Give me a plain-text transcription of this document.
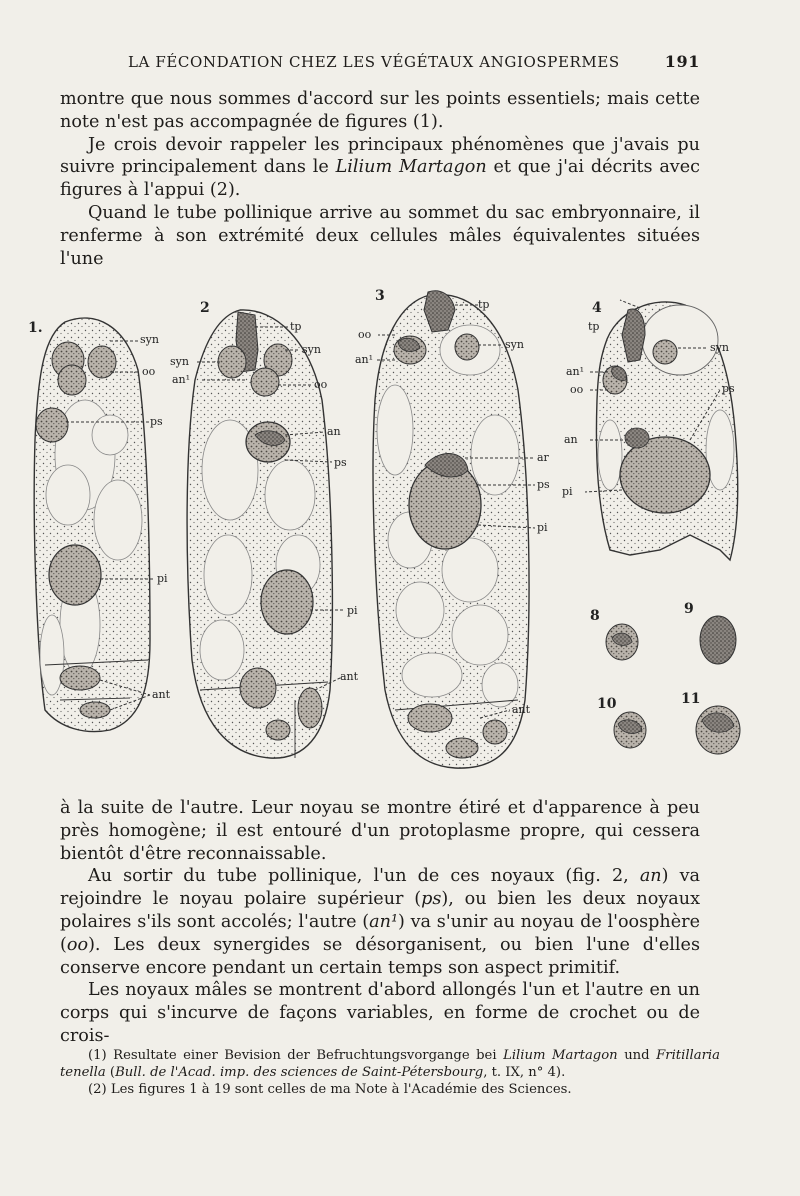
LA FÉCONDATION CHEZ LES VÉGÉTAUX ANGIOSPERMES	191

montre que nous sommes d'accord sur les points essentiels; mais cette note n'est pas accompagnée de figures (1).

Je crois devoir rappeler les principaux phénomènes que j'avais pu suivre principalement dans le Lilium Martagon et que j'ai décrits avec figures à l'appui (2).

Quand le tube pollinique arrive au sommet du sac embryonnaire, il renferme à son extrémité deux cellules mâles équivalentes situées l'une

1.
syn
oo
ps
pi
ant
2
tp
syn
syn
an¹	oo
an
ps
pi
ant
3
tp
oo
an¹
syn
ar
ps
pi
ant
4
tp
syn
an¹
oo	ps
an
pi
8	9
10	11

à la suite de l'autre. Leur noyau se montre étiré et d'apparence à peu près homogène; il est entouré d'un protoplasme propre, qui cessera bientôt d'être reconnaissable.

Au sortir du tube pollinique, l'un de ces noyaux (fig. 2, an) va rejoindre le noyau polaire supérieur (ps), ou bien les deux noyaux polaires s'ils sont accolés; l'autre (an¹) va s'unir au noyau de l'oosphère (oo). Les deux synergides se désorganisent, ou bien l'une d'elles conserve encore pendant un certain temps son aspect primitif.

Les noyaux mâles se montrent d'abord allongés l'un et l'autre en un corps qui s'incurve de façons variables, en forme de crochet ou de crois-

(1) Resultate einer Bevision der Befruchtungsvorgange bei Lilium Martagon und Fritillaria tenella (Bull. de l'Acad. imp. des sciences de Saint-Pétersbourg, t. IX, n° 4).

(2) Les figures 1 à 19 sont celles de ma Note à l'Académie des Sciences.
